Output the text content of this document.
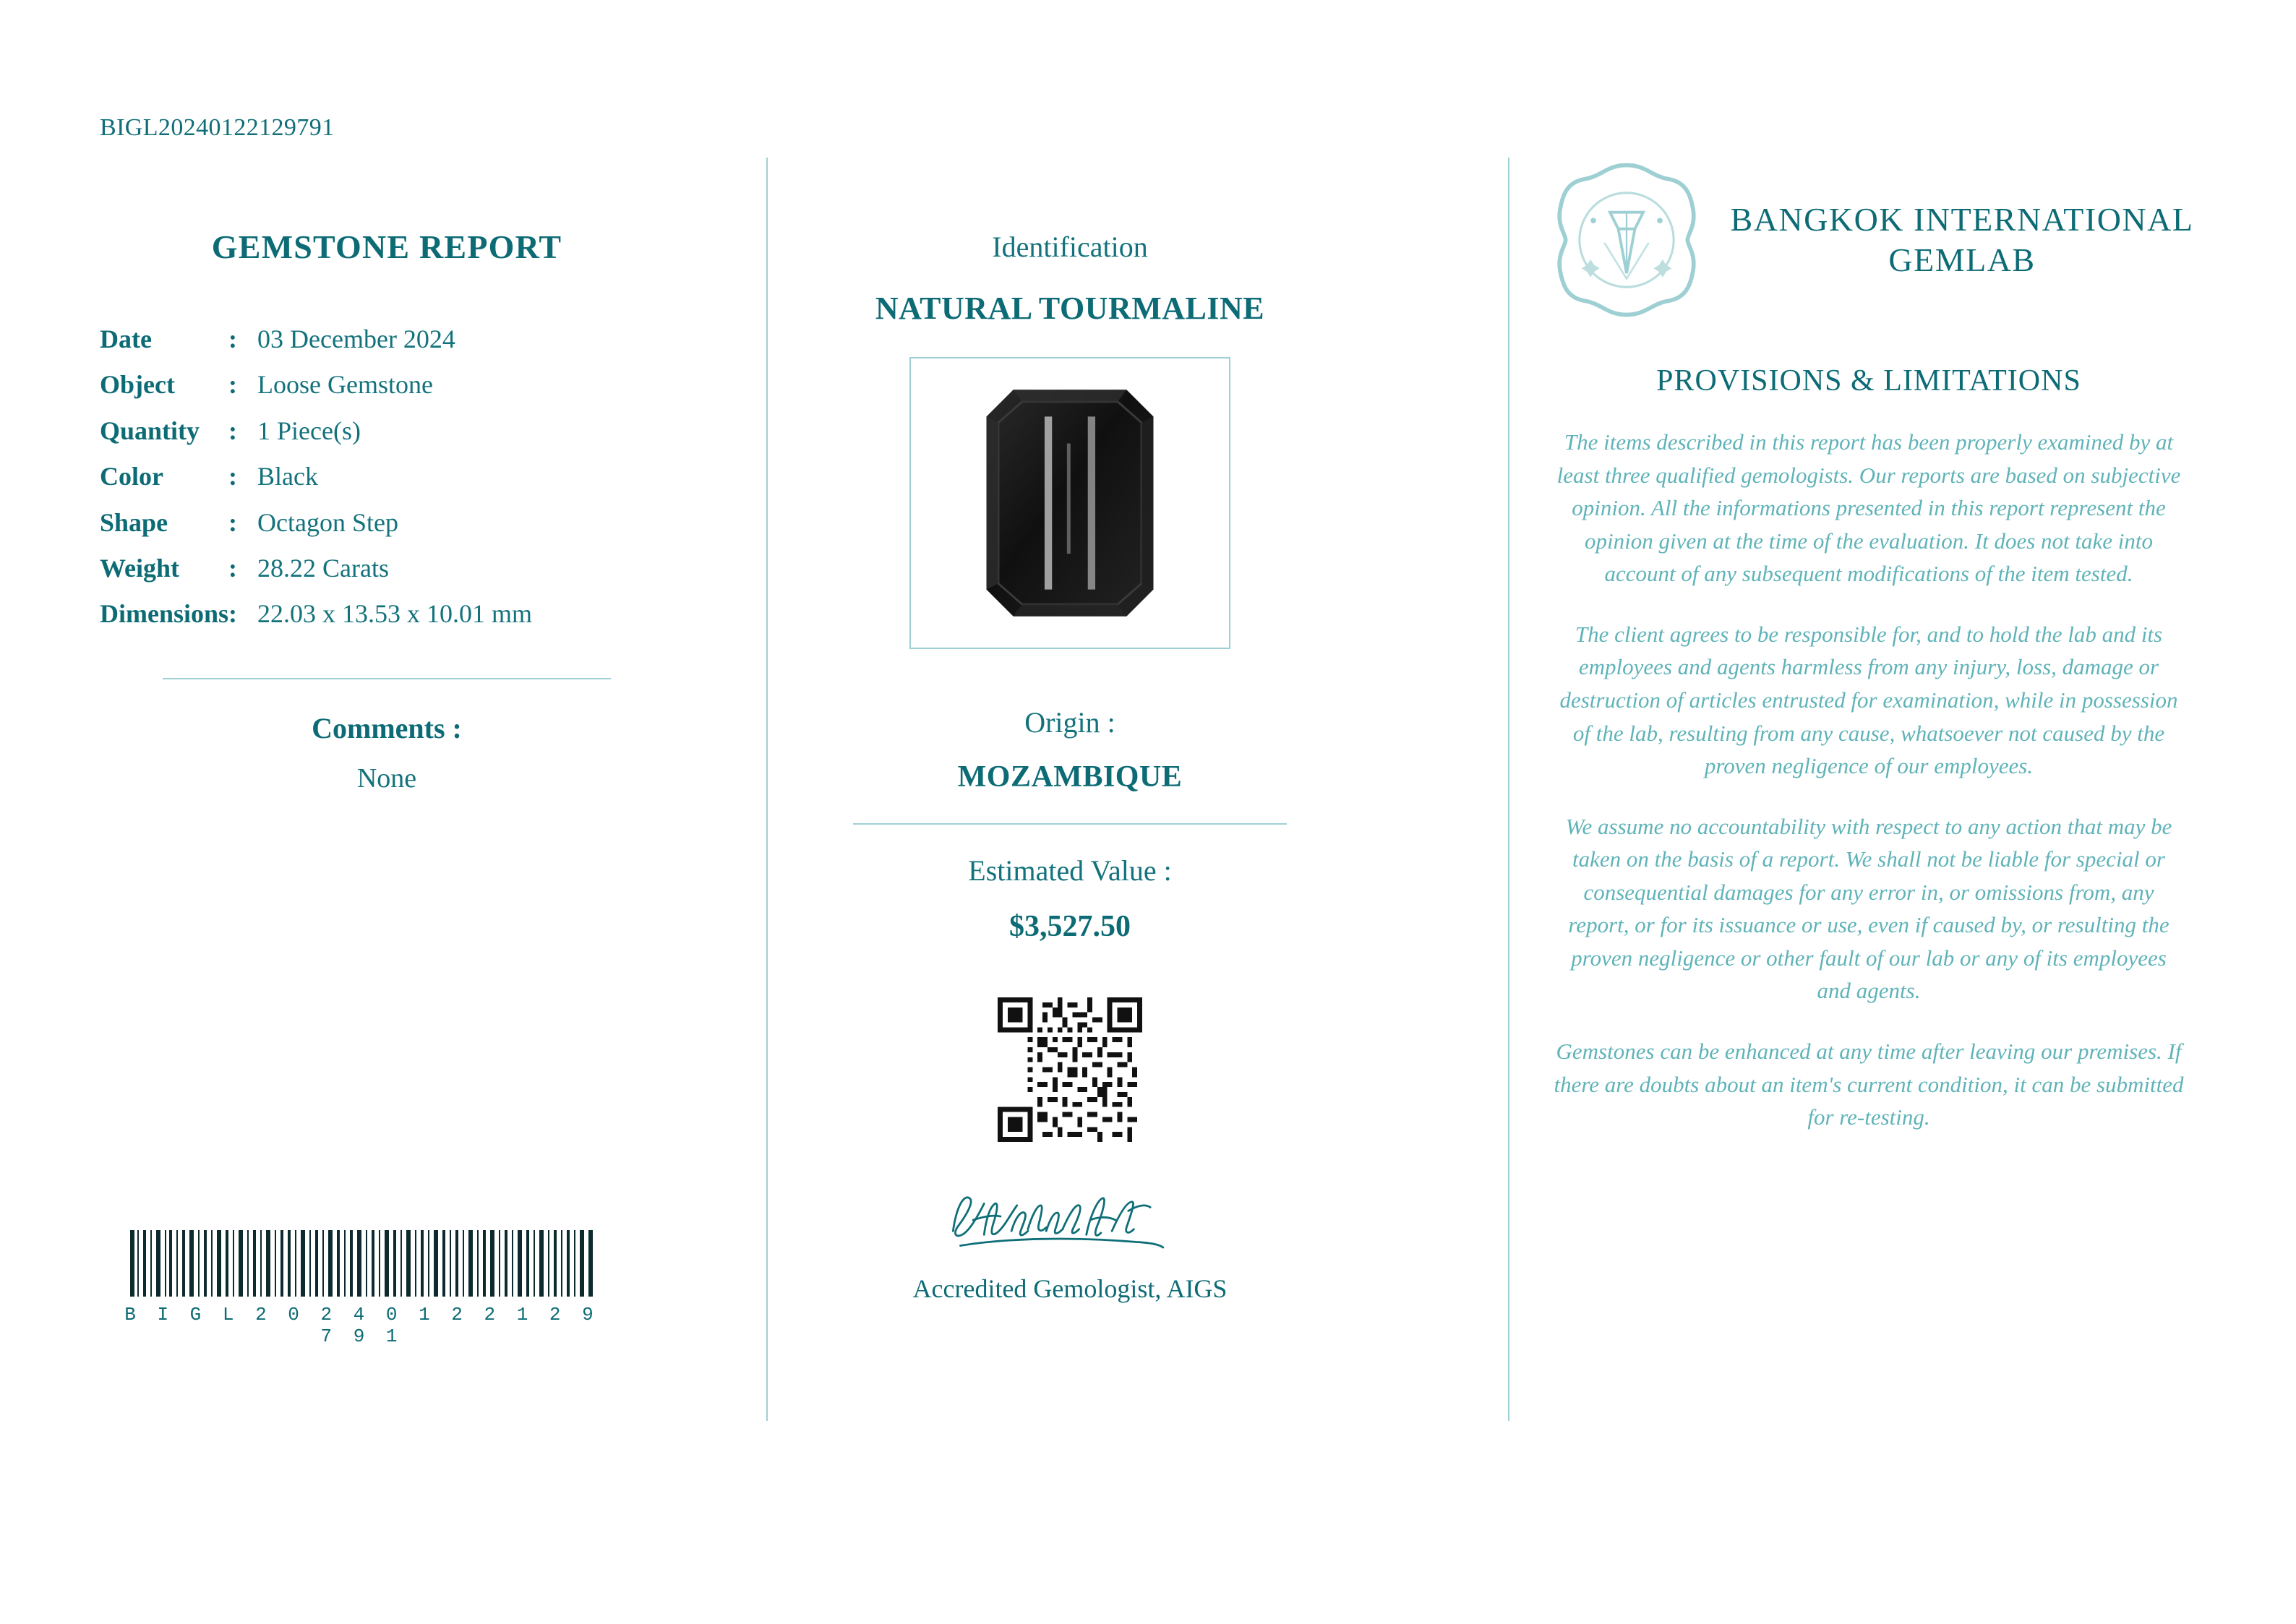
BIGL20240122129791
GEMSTONE REPORT
Date	:	03 December 2024
Object	:	Loose Gemstone
Quantity	:	1 Piece(s)
Color	:	Black
Shape	:	Octagon Step
Weight	:	28.22 Carats
Dimensions	:	22.03 x 13.53 x 10.01 mm
Comments :
None
B I G L 2 0 2 4 0 1 2 2 1 2 9 7 9 1
Identification
NATURAL TOURMALINE
Origin :
MOZAMBIQUE
Estimated Value :
$3,527.50
Accredited Gemologist, AIGS
BANGKOK INTERNATIONAL GEMLAB
PROVISIONS & LIMITATIONS
The items described in this report has been properly examined by at least three qualified gemologists. Our reports are based on subjective opinion. All the informations presented in this report represent the opinion given at the time of the evaluation. It does not take into account of any subsequent modifications of the item tested.
The client agrees to be responsible for, and to hold the lab and its employees and agents harmless from any injury, loss, damage or destruction of articles entrusted for examination, while in possession of the lab, resulting from any cause, whatsoever not caused by the proven negligence of our employees.
We assume no accountability with respect to any action that may be taken on the basis of a report. We shall not be liable for special or consequential damages for any error in, or omissions from, any report, or for its issuance or use, even if caused by, or resulting the proven negligence or other fault of our lab or any of its employees and agents.
Gemstones can be enhanced at any time after leaving our premises. If there are doubts about an item's current condition, it can be submitted for re-testing.
